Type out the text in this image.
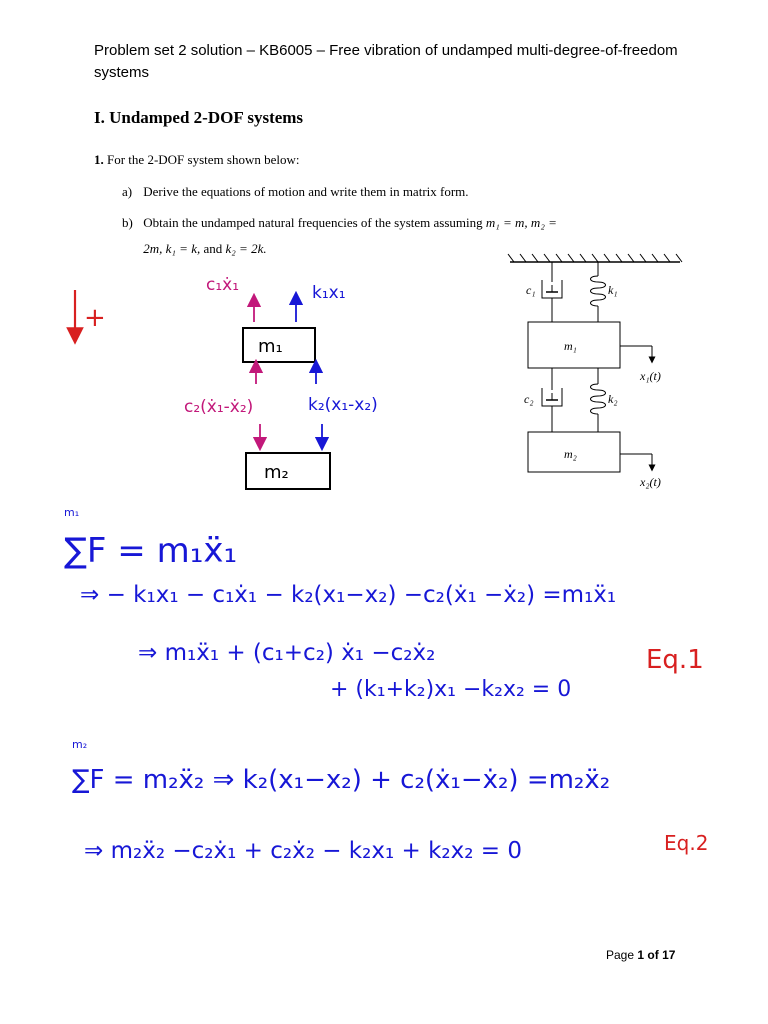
Problem set 2 solution – KB6005 – Free vibration of undamped multi-degree-of-freedom systems
I. Undamped 2-DOF systems
1. For the 2-DOF system shown below:
a) Derive the equations of motion and write them in matrix form.
b) Obtain the undamped natural frequencies of the system assuming m₁ = m, m₂ =
2m, k₁ = k, and k₂ = 2k.
c₁	k₁
m₁
x₁(t)
c₂	k₂
m₂
x₂(t)
+
c₁ẋ₁	k₁x₁
m₁
c₂(ẋ₁-ẋ₂)	k₂(x₁-x₂)
m₂
m₁
∑F = m₁ẍ₁
⇒ − k₁x₁ − c₁ẋ₁ − k₂(x₁−x₂) −c₂(ẋ₁ −ẋ₂) =m₁ẍ₁
⇒ m₁ẍ₁ + (c₁+c₂) ẋ₁ −c₂ẋ₂
+ (k₁+k₂)x₁ −k₂x₂ = 0
Eq.1
m₂
∑F = m₂ẍ₂ ⇒ k₂(x₁−x₂) + c₂(ẋ₁−ẋ₂) =m₂ẍ₂
⇒ m₂ẍ₂ −c₂ẋ₁ + c₂ẋ₂ − k₂x₁ + k₂x₂ = 0	Eq.2
Page 1 of 17
